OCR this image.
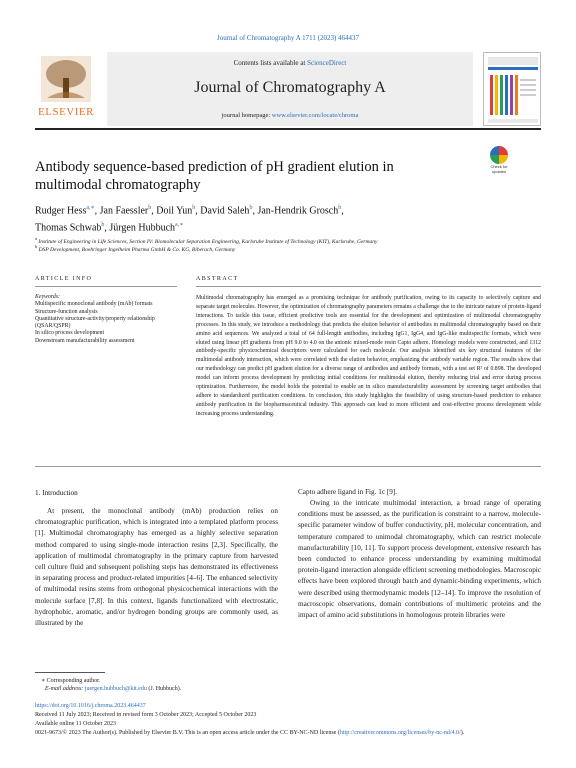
Journal of Chromatography A 1711 (2023) 464437
ELSEVIER
Contents lists available at ScienceDirect
Journal of Chromatography A
journal homepage: www.elsevier.com/locate/chroma
Antibody sequence-based prediction of pH gradient elution in multimodal chromatography
Check for updates
Rudger Hess$^{a,∗}$, Jan Faessler$^b$, Doil Yun$^b$, David Saleh$^b$, Jan-Hendrik Grosch$^b$,
Thomas Schwab$^b$, Jürgen Hubbuch$^{a,∗}$
$^a$ Institute of Engineering in Life Sciences, Section IV: Biomolecular Separation Engineering, Karlsruhe Institute of Technology (KIT), Karlsruhe, Germany
$^b$ DSP Development, Boehringer Ingelheim Pharma GmbH & Co. KG, Biberach, Germany
ARTICLE INFO	ABSTRACT
Keywords:
Multispecific monoclonal antibody (mAb) formats
Structure-function analysis
Quantitative structure-activity/property relationship (QSAR/QSPR)
In silico process development
Downstream manufacturability assessment
Multimodal chromatography has emerged as a promising technique for antibody purification, owing to its capacity to selectively capture and separate target molecules. However, the optimization of chromatography parameters remains a challenge due to the intricate nature of protein-ligand interactions. To tackle this issue, efficient predictive tools are essential for the development and optimization of multimodal chromatography processes. In this study, we introduce a methodology that predicts the elution behavior of antibodies in multimodal chromatography based on their amino acid sequences. We analyzed a total of 64 full-length antibodies, including IgG1, IgG4, and IgG-like multispecific formats, which were eluted using linear pH gradients from pH 9.0 to 4.0 on the anionic mixed-mode resin Capto adhere. Homology models were constructed, and 1312 antibody-specific physicochemical descriptors were calculated for each molecule. Our analysis identified six key structural features of the multimodal antibody interaction, which were correlated with the elution behavior, emphasizing the antibody variable region. The results show that our methodology can predict pH gradient elution for a diverse range of antibodies and antibody formats, with a test set R² of 0.898. The developed model can inform process development by predicting initial conditions for multimodal elution, thereby reducing trial and error during process optimization. Furthermore, the model holds the potential to enable an in silico manufacturability assessment by screening target antibodies that adhere to standardized purification conditions. In conclusion, this study highlights the feasibility of using structure-based prediction to enhance antibody purification in the biopharmaceutical industry. This approach can lead to more efficient and cost-effective process development while increasing process understanding.
1. Introduction
At present, the monoclonal antibody (mAb) production relies on chromatographic purification, which is integrated into a templated platform process [1]. Multimodal chromatography has emerged as a highly selective separation method compared to using single-mode interaction resins [2,3]. Specifically, the application of multimodal chromatography in the primary capture from harvested cell culture fluid and subsequent polishing steps has demonstrated its effectiveness in separating process and product-related impurities [4–6]. The enhanced selectivity of multimodal resins stems from orthogonal physicochemical interactions with the molecule surface [7,8]. In this context, ligands functionalized with electrostatic, hydrophobic, aromatic, and/or hydrogen bonding groups are commonly used, as illustrated by the
Capto adhere ligand in Fig. 1c [9].
Owing to the intricate multimodal interaction, a broad range of operating conditions must be assessed, as the purification is constraint to a narrow, molecule-specific parameter window of buffer conductivity, pH, molecular concentration, and temperature compared to unimodal chromatography, which can restrict molecule manufacturability [10, 11]. To support process development, extensive research has been conducted to enhance process understanding by examining multimodal protein-ligand interaction alongside efficient screening methodologies. Macroscopic effects have been explored through batch and dynamic-binding experiments, which were described using thermodynamic models [12–14]. To improve the resolution of macroscopic observations, domain contributions of multimeric proteins and the impact of amino acid substitutions in homologous protein libraries were
∗ Corresponding author.
E-mail address: juergen.hubbuch@kit.edu (J. Hubbuch).
https://doi.org/10.1016/j.chroma.2023.464437
Received 11 July 2023; Received in revised form 3 October 2023; Accepted 5 October 2023
Available online 11 October 2023
0021-9673/© 2023 The Author(s). Published by Elsevier B.V. This is an open access article under the CC BY-NC-ND license (http://creativecommons.org/licenses/by-nc-nd/4.0/).
